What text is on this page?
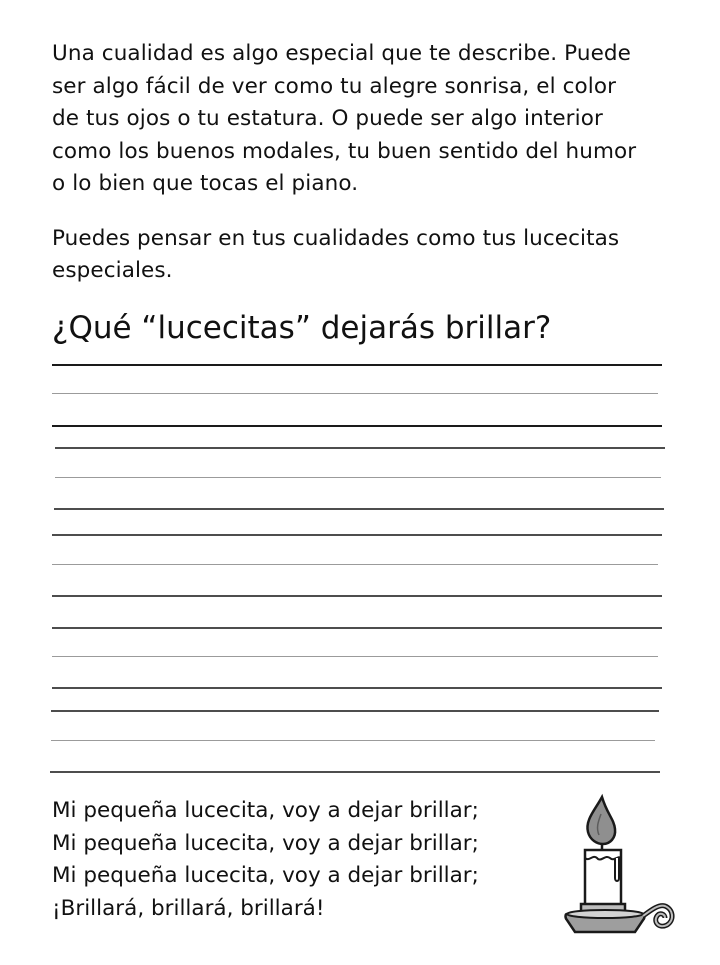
Una cualidad es algo especial que te describe. Puede
ser algo fácil de ver como tu alegre sonrisa, el color
de tus ojos o tu estatura. O puede ser algo interior
como los buenos modales, tu buen sentido del humor
o lo bien que tocas el piano.

Puedes pensar en tus cualidades como tus lucecitas
especiales.

¿Qué “lucecitas” dejarás brillar?
Mi pequeña lucecita, voy a dejar brillar;
Mi pequeña lucecita, voy a dejar brillar;
Mi pequeña lucecita, voy a dejar brillar;
¡Brillará, brillará, brillará!
